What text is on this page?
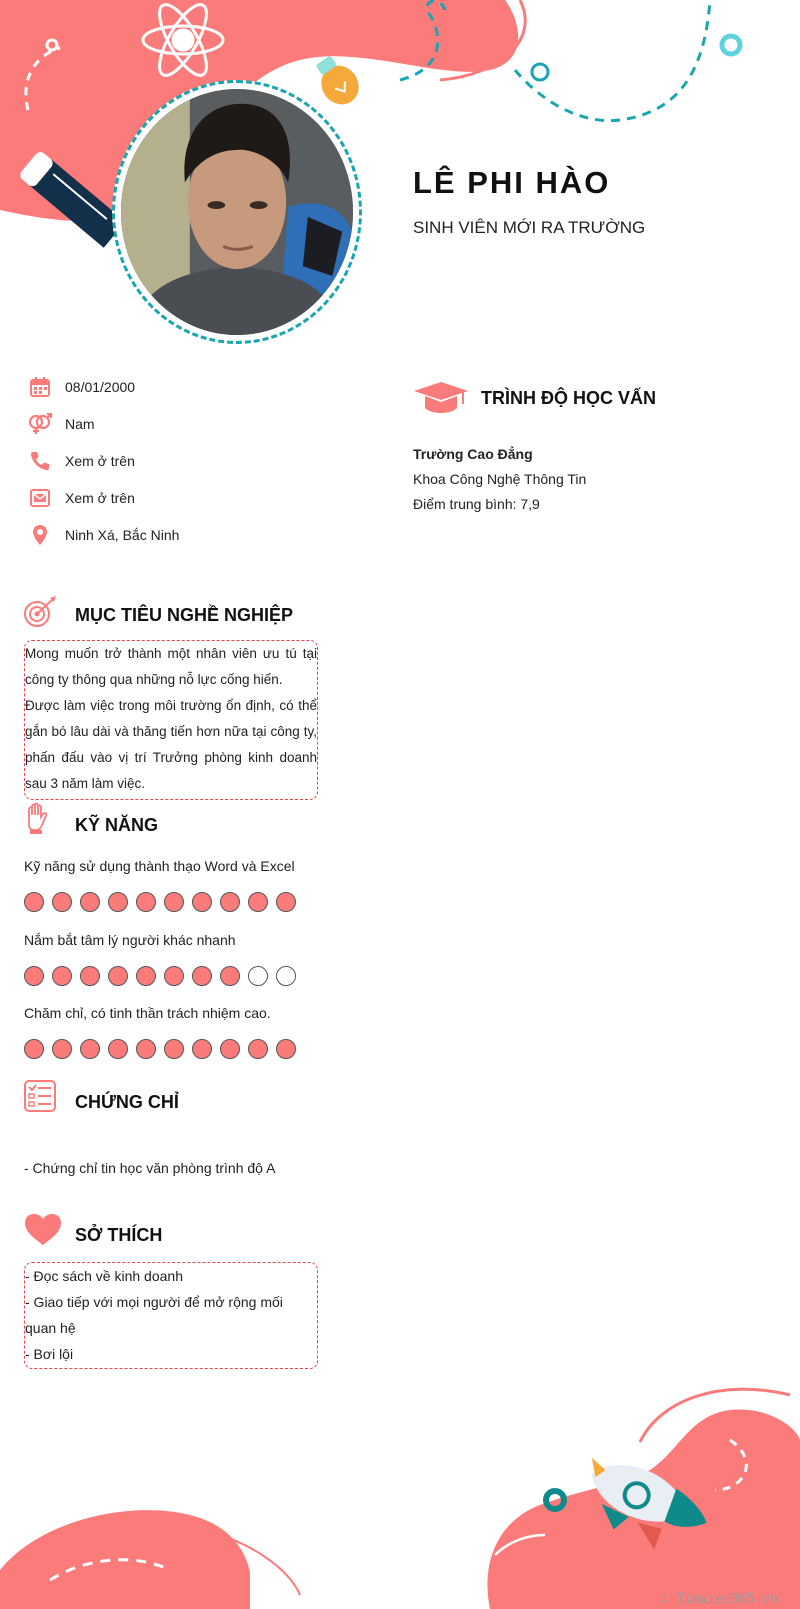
LÊ PHI HÀO
SINH VIÊN MỚI RA TRƯỜNG
08/01/2000
Nam
Xem ở trên
Xem ở trên
Ninh Xá, Bắc Ninh
MỤC TIÊU NGHỀ NGHIỆP

Mong muốn trở thành một nhân viên ưu tú tại công ty thông qua những nỗ lực cống hiến.

Được làm việc trong môi trường ổn định, có thể gắn bó lâu dài và thăng tiến hơn nữa tại công ty, phấn đấu vào vị trí Trưởng phòng kinh doanh sau 3 năm làm việc.

KỸ NĂNG
Kỹ năng sử dụng thành thạo Word và Excel
Nắm bắt tâm lý người khác nhanh
Chăm chỉ, có tinh thần trách nhiệm cao.
CHỨNG CHỈ
- Chứng chỉ tin học văn phòng trình độ A
SỞ THÍCH
- Đọc sách về kinh doanh
- Giao tiếp với mọi người để mở rộng mối quan hệ
- Bơi lội
TRÌNH ĐỘ HỌC VẤN
Trường Cao Đẳng
Khoa Công Nghệ Thông Tin
Điểm trung bình: 7,9
∴ Timviec365.vn
